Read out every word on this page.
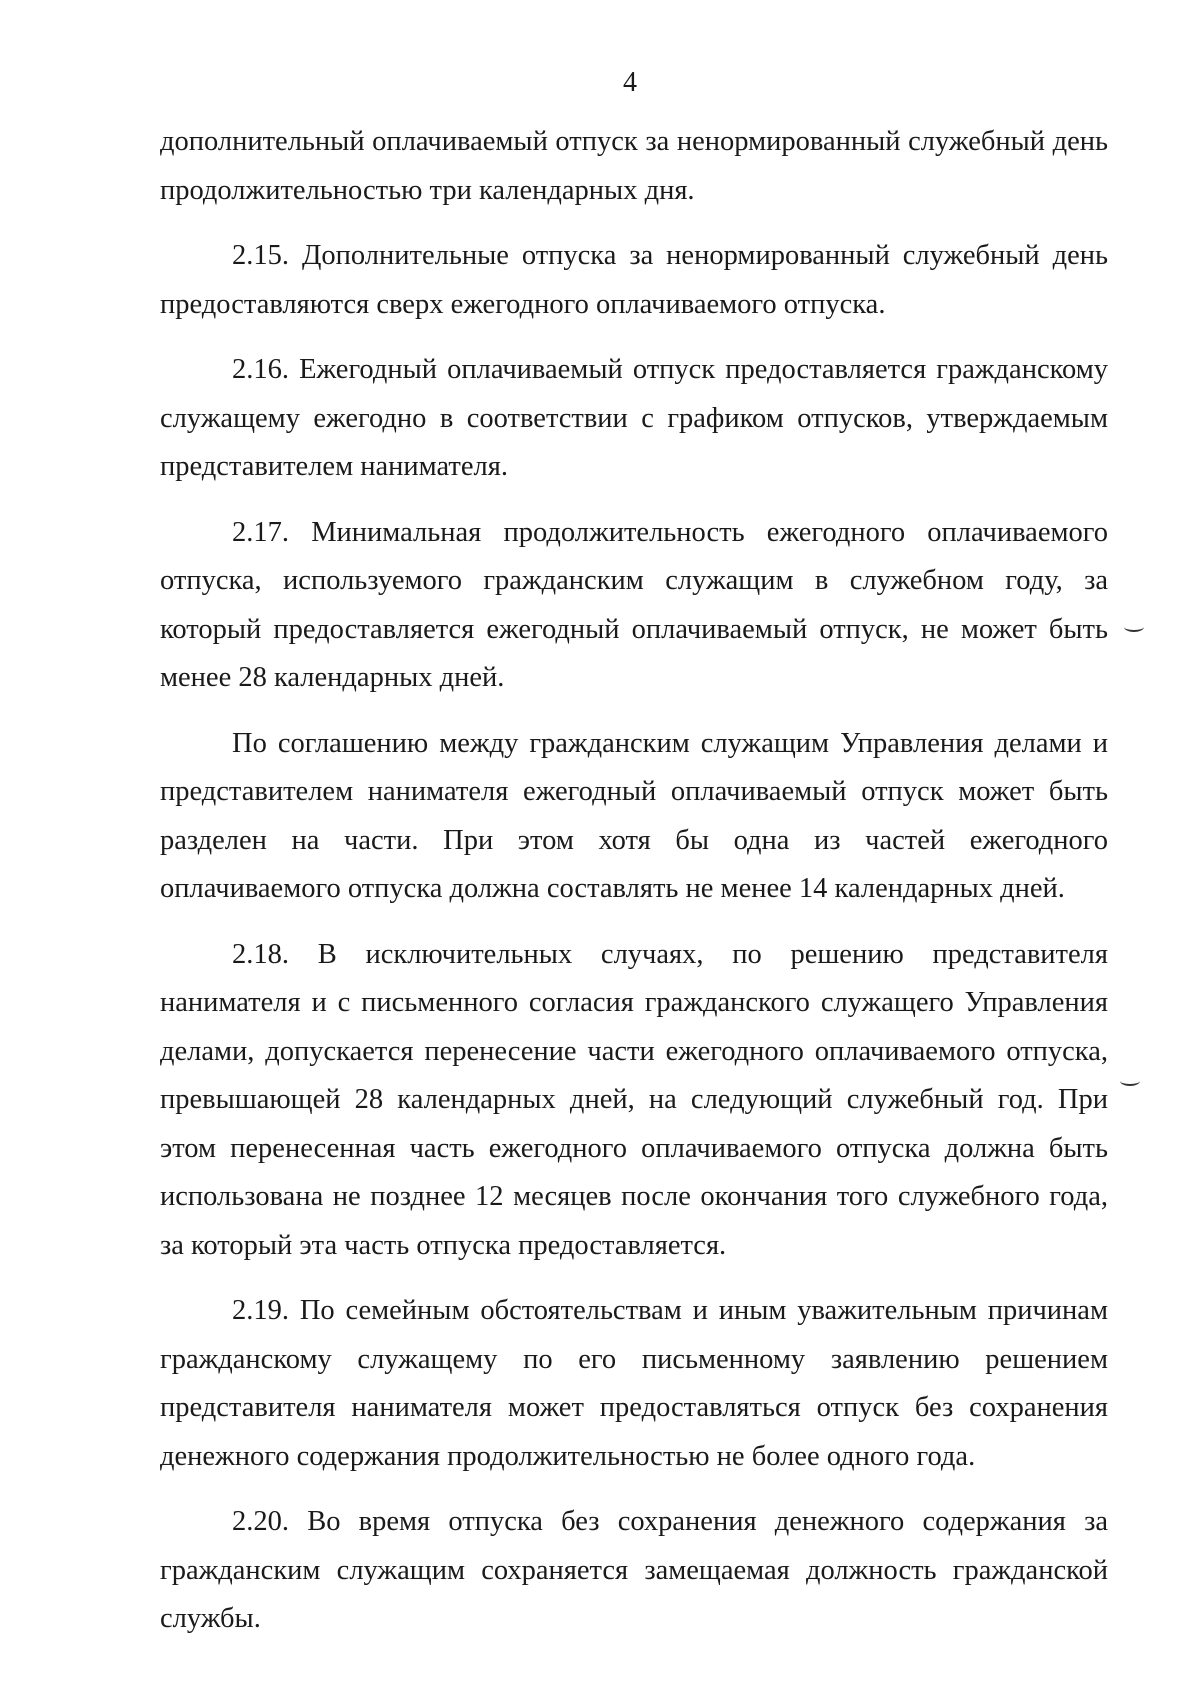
4

дополнительный оплачиваемый отпуск за ненормированный служебный день продолжительностью три календарных дня.

2.15. Дополнительные отпуска за ненормированный служебный день предоставляются сверх ежегодного оплачиваемого отпуска.

2.16. Ежегодный оплачиваемый отпуск предоставляется гражданскому служащему ежегодно в соответствии с графиком отпусков, утверждаемым представителем нанимателя.

2.17. Минимальная продолжительность ежегодного оплачиваемого отпуска, используемого гражданским служащим в служебном году, за который предоставляется ежегодный оплачиваемый отпуск, не может быть менее 28 календарных дней.

По соглашению между гражданским служащим Управления делами и представителем нанимателя ежегодный оплачиваемый отпуск может быть разделен на части. При этом хотя бы одна из частей ежегодного оплачиваемого отпуска должна составлять не менее 14 календарных дней.

2.18. В исключительных случаях, по решению представителя нанимателя и с письменного согласия гражданского служащего Управления делами, допускается перенесение части ежегодного оплачиваемого отпуска, превышающей 28 календарных дней, на следующий служебный год. При этом перенесенная часть ежегодного оплачиваемого отпуска должна быть использована не позднее 12 месяцев после окончания того служебного года, за который эта часть отпуска предоставляется.

2.19. По семейным обстоятельствам и иным уважительным причинам гражданскому служащему по его письменному заявлению решением представителя нанимателя может предоставляться отпуск без сохранения денежного содержания продолжительностью не более одного года.

2.20. Во время отпуска без сохранения денежного содержания за гражданским служащим сохраняется замещаемая должность гражданской службы.
